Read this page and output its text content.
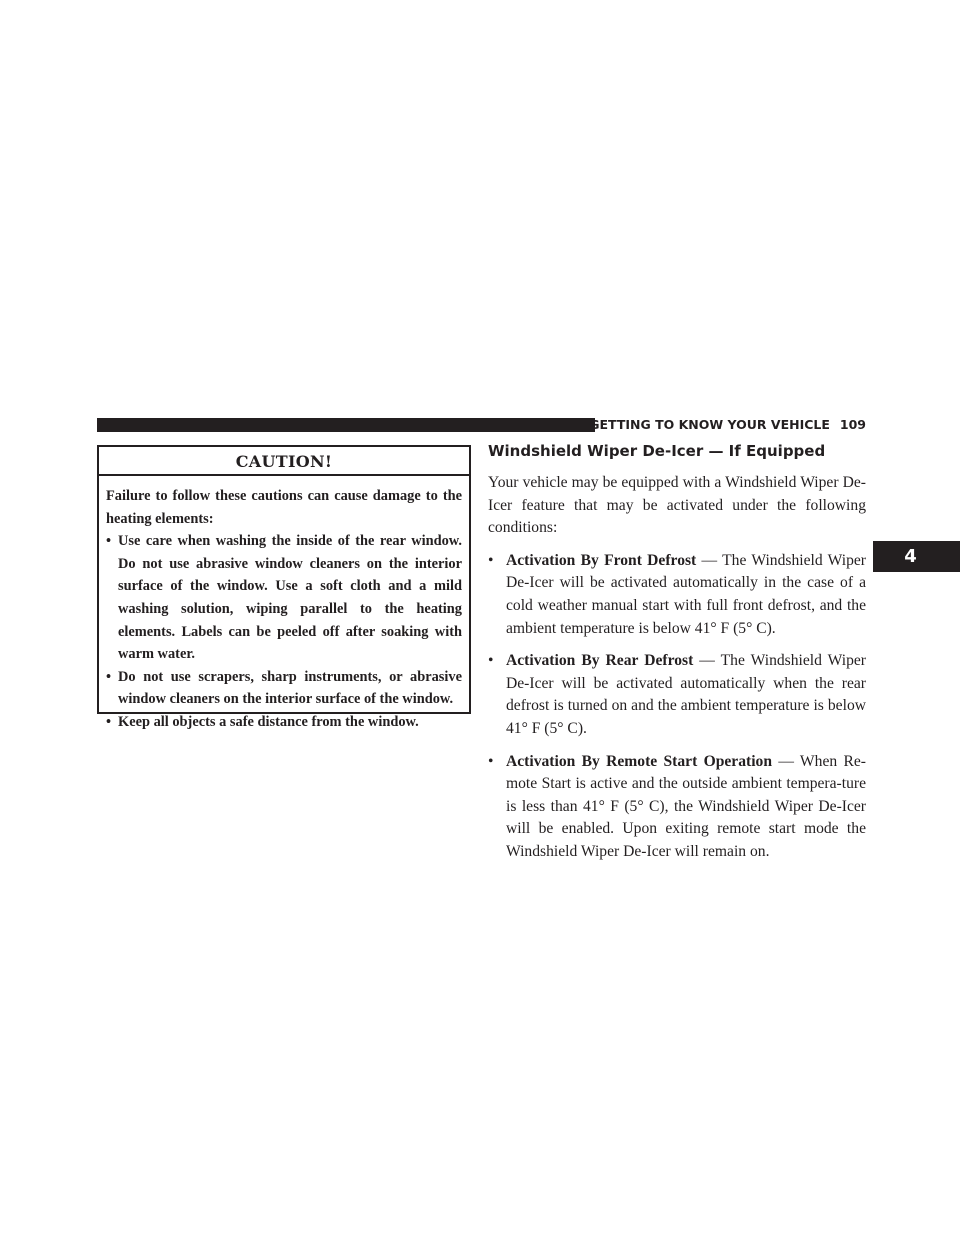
GETTING TO KNOW YOUR VEHICLE 109
4
CAUTION!

Failure to follow these cautions can cause damage to the heating elements:

• Use care when washing the inside of the rear window. Do not use abrasive window cleaners on the interior surface of the window. Use a soft cloth and a mild washing solution, wiping parallel to the heating elements. Labels can be peeled off after soaking with warm water.
• Do not use scrapers, sharp instruments, or abrasive window cleaners on the interior surface of the window.
• Keep all objects a safe distance from the window.
Windshield Wiper De-Icer — If Equipped

Your vehicle may be equipped with a Windshield Wiper De-Icer feature that may be activated under the following conditions:

• Activation By Front Defrost — The Windshield Wiper De-Icer will be activated automatically in the case of a cold weather manual start with full front defrost, and the ambient temperature is below 41° F (5° C).
• Activation By Rear Defrost — The Windshield Wiper De-Icer will be activated automatically when the rear defrost is turned on and the ambient temperature is below 41° F (5° C).
• Activation By Remote Start Operation — When Re-mote Start is active and the outside ambient tempera-ture is less than 41° F (5° C), the Windshield Wiper De-Icer will be enabled. Upon exiting remote start mode the Windshield Wiper De-Icer will remain on.
